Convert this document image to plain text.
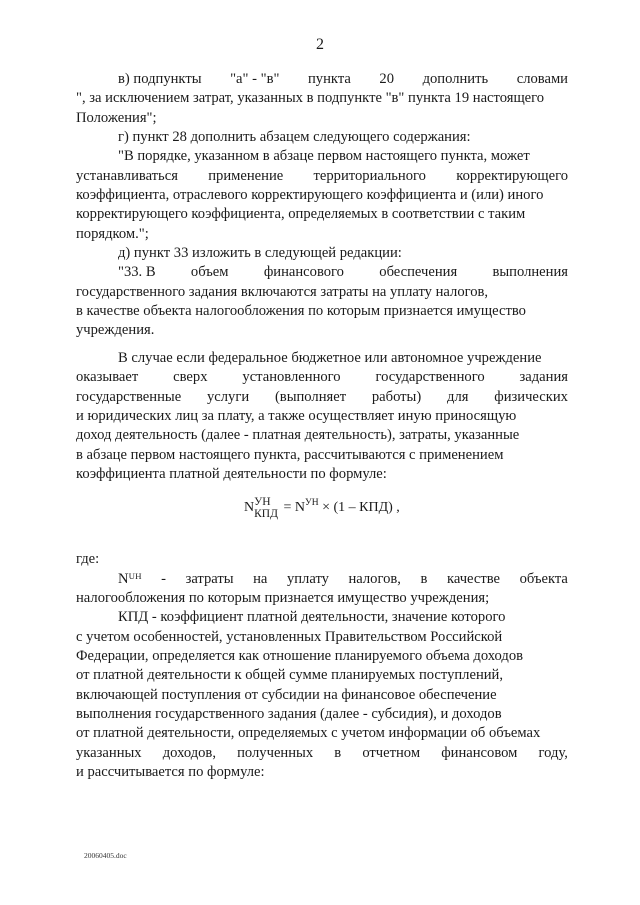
2
в) подпункты "а" - "в" пункта 20 дополнить словами
", за исключением затрат, указанных в подпункте "в" пункта 19 настоящего
Положения";
г) пункт 28 дополнить абзацем следующего содержания:
"В порядке, указанном в абзаце первом настоящего пункта, может
устанавливаться применение территориального корректирующего
коэффициента, отраслевого корректирующего коэффициента и (или) иного
корректирующего коэффициента, определяемых в соответствии с таким
порядком.";
д) пункт 33 изложить в следующей редакции:
"33. В объем финансового обеспечения выполнения
государственного задания включаются затраты на уплату налогов,
в качестве объекта налогообложения по которым признается имущество
учреждения.
В случае если федеральное бюджетное или автономное учреждение
оказывает сверх установленного государственного задания
государственные услуги (выполняет работы) для физических
и юридических лиц за плату, а также осуществляет иную приносящую
доход деятельность (далее - платная деятельность), затраты, указанные
в абзаце первом настоящего пункта, рассчитываются с применением
коэффициента платной деятельности по формуле:
N УН
КПД = $N^{УН} \times (1 - КПД)$ ,
где:
Nᵁᴴ - затраты на уплату налогов, в качестве объекта
налогообложения по которым признается имущество учреждения;
КПД - коэффициент платной деятельности, значение которого
с учетом особенностей, установленных Правительством Российской
Федерации, определяется как отношение планируемого объема доходов
от платной деятельности к общей сумме планируемых поступлений,
включающей поступления от субсидии на финансовое обеспечение
выполнения государственного задания (далее - субсидия), и доходов
от платной деятельности, определяемых с учетом информации об объемах
указанных доходов, полученных в отчетном финансовом году,
и рассчитывается по формуле:
20060405.doc
